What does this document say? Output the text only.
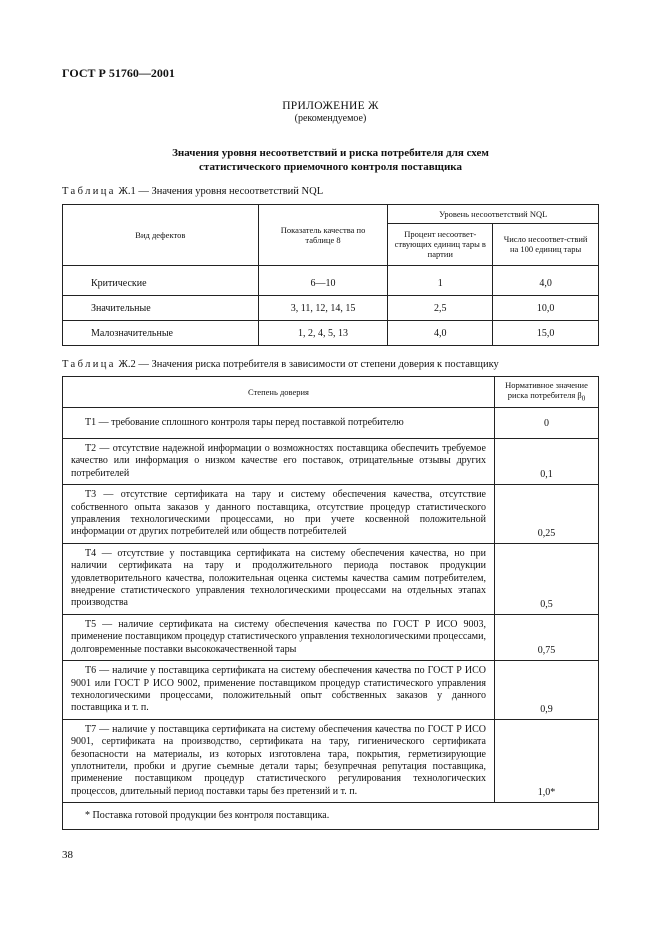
ГОСТ Р 51760—2001
ПРИЛОЖЕНИЕ Ж
(рекомендуемое)
Значения уровня несоответствий и риска потребителя для схем
статистического приемочного контроля поставщика
Таблица Ж.1 — Значения уровня несоответствий NQL
Вид дефектов	Показатель качества по таблице 8	Уровень несоответствий NQL	
		Процент несоответ-ствующих единиц тары в партии	Число несоответ-ствий на 100 единиц тары
Критические	6—10	1	4,0
Значительные	3, 11, 12, 14, 15	2,5	10,0
Малозначительные	1, 2, 4, 5, 13	4,0	15,0
Таблица Ж.2 — Значения риска потребителя в зависимости от степени доверия к поставщику
Степень доверия	Нормативное значение риска потребителя $\beta_0$
Т1 — требование сплошного контроля тары перед поставкой потребителю	0
Т2 — отсутствие надежной информации о возможностях поставщика обеспечить требуемое качество или информация о низком качестве его поставок, отрицательные отзывы других потребителей	0,1
Т3 — отсутствие сертификата на тару и систему обеспечения качества, отсутствие собственного опыта заказов у данного поставщика, отсутствие процедур статистического управления технологическими процессами, но при учете косвенной положительной информации от других потребителей или обществ потребителей	0,25
Т4 — отсутствие у поставщика сертификата на систему обеспечения качества, но при наличии сертификата на тару и продолжительного периода поставок продукции удовлетворительного качества, положительная оценка системы качества самим потребителем, внедрение статистического управления технологическими процессами на отдельных этапах производства	0,5
Т5 — наличие сертификата на систему обеспечения качества по ГОСТ Р ИСО 9003, применение поставщиком процедур статистического управления технологическими процессами, долговременные поставки высококачественной тары	0,75
Т6 — наличие у поставщика сертификата на систему обеспечения качества по ГОСТ Р ИСО 9001 или ГОСТ Р ИСО 9002, применение поставщиком процедур статистического управления технологическими процессами, положительный опыт собственных заказов у данного поставщика и т. п.	0,9
Т7 — наличие у поставщика сертификата на систему обеспечения качества по ГОСТ Р ИСО 9001, сертификата на производство, сертификата на тару, гигиенического сертификата безопасности на материалы, из которых изготовлена тара, покрытия, герметизирующие уплотнители, пробки и другие съемные детали тары; безупречная репутация поставщика, применение поставщиком процедур статистического регулирования технологических процессов, длительный период поставки тары без претензий и т. п.	1,0*
* Поставка готовой продукции без контроля поставщика.	
38
